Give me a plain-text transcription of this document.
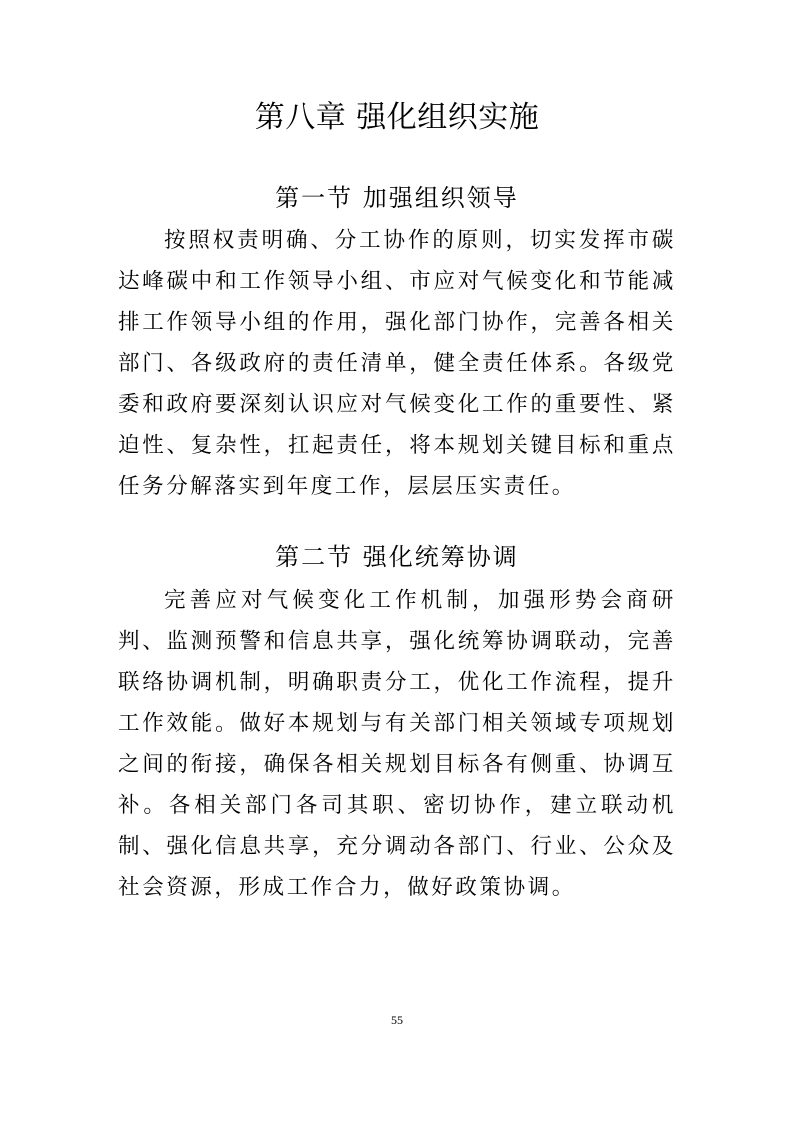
第八章 强化组织实施
第一节 加强组织领导

按照权责明确、分工协作的原则，切实发挥市碳达峰碳中和工作领导小组、市应对气候变化和节能减排工作领导小组的作用，强化部门协作，完善各相关部门、各级政府的责任清单，健全责任体系。各级党委和政府要深刻认识应对气候变化工作的重要性、紧迫性、复杂性，扛起责任，将本规划关键目标和重点任务分解落实到年度工作，层层压实责任。

第二节 强化统筹协调

完善应对气候变化工作机制，加强形势会商研判、监测预警和信息共享，强化统筹协调联动，完善联络协调机制，明确职责分工，优化工作流程，提升工作效能。做好本规划与有关部门相关领域专项规划之间的衔接，确保各相关规划目标各有侧重、协调互补。各相关部门各司其职、密切协作，建立联动机制、强化信息共享，充分调动各部门、行业、公众及社会资源，形成工作合力，做好政策协调。

55
